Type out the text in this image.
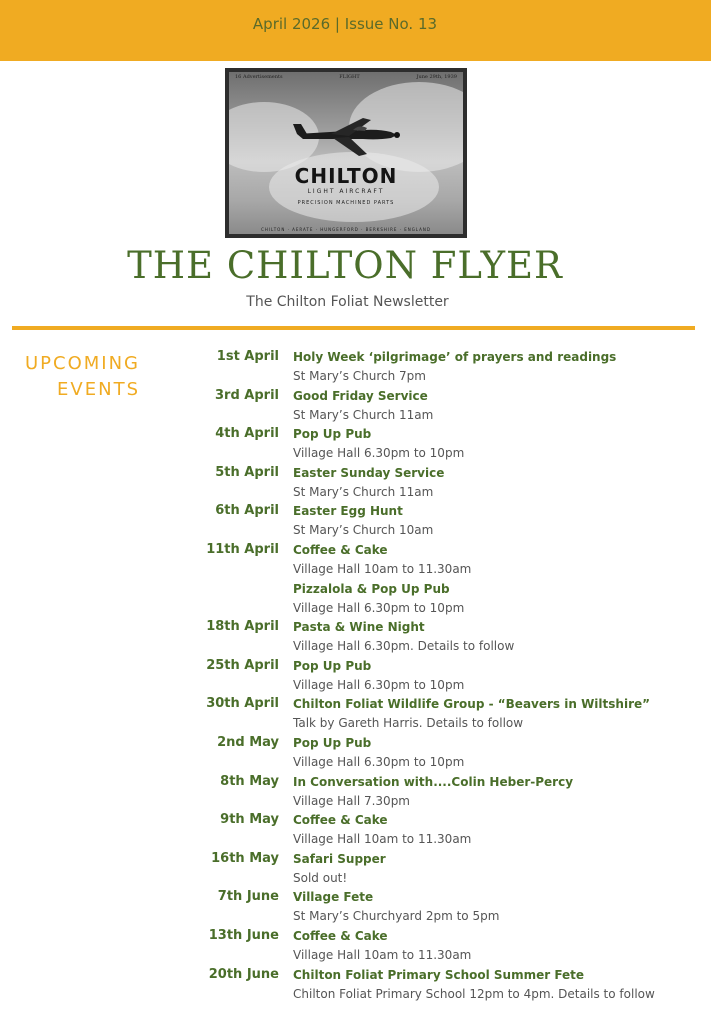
April 2026 | Issue No. 13
16 Advertisements	FLIGHT	June 29th, 1939
CHILTON
LIGHT AIRCRAFT
PRECISION MACHINED PARTS
CHILTON · AERATE · HUNGERFORD · BERKSHIRE · ENGLAND
THE CHILTON FLYER
The Chilton Foliat Newsletter
UPCOMING
EVENTS
1st April Holy Week ‘pilgrimage’ of prayers and readings
St Mary’s Church 7pm
3rd April Good Friday Service
St Mary’s Church 11am
4th April Pop Up Pub
Village Hall 6.30pm to 10pm
5th April Easter Sunday Service
St Mary’s Church 11am
6th April Easter Egg Hunt
St Mary’s Church 10am
11th April Coffee & Cake
Village Hall 10am to 11.30am
Pizzalola & Pop Up Pub
Village Hall 6.30pm to 10pm
18th April Pasta & Wine Night
Village Hall 6.30pm. Details to follow
25th April Pop Up Pub
Village Hall 6.30pm to 10pm
30th April Chilton Foliat Wildlife Group - “Beavers in Wiltshire”
Talk by Gareth Harris. Details to follow
2nd May Pop Up Pub
Village Hall 6.30pm to 10pm
8th May In Conversation with....Colin Heber-Percy
Village Hall 7.30pm
9th May Coffee & Cake
Village Hall 10am to 11.30am
16th May Safari Supper
Sold out!
7th June Village Fete
St Mary’s Churchyard 2pm to 5pm
13th June Coffee & Cake
Village Hall 10am to 11.30am
20th June Chilton Foliat Primary School Summer Fete
Chilton Foliat Primary School 12pm to 4pm. Details to follow
